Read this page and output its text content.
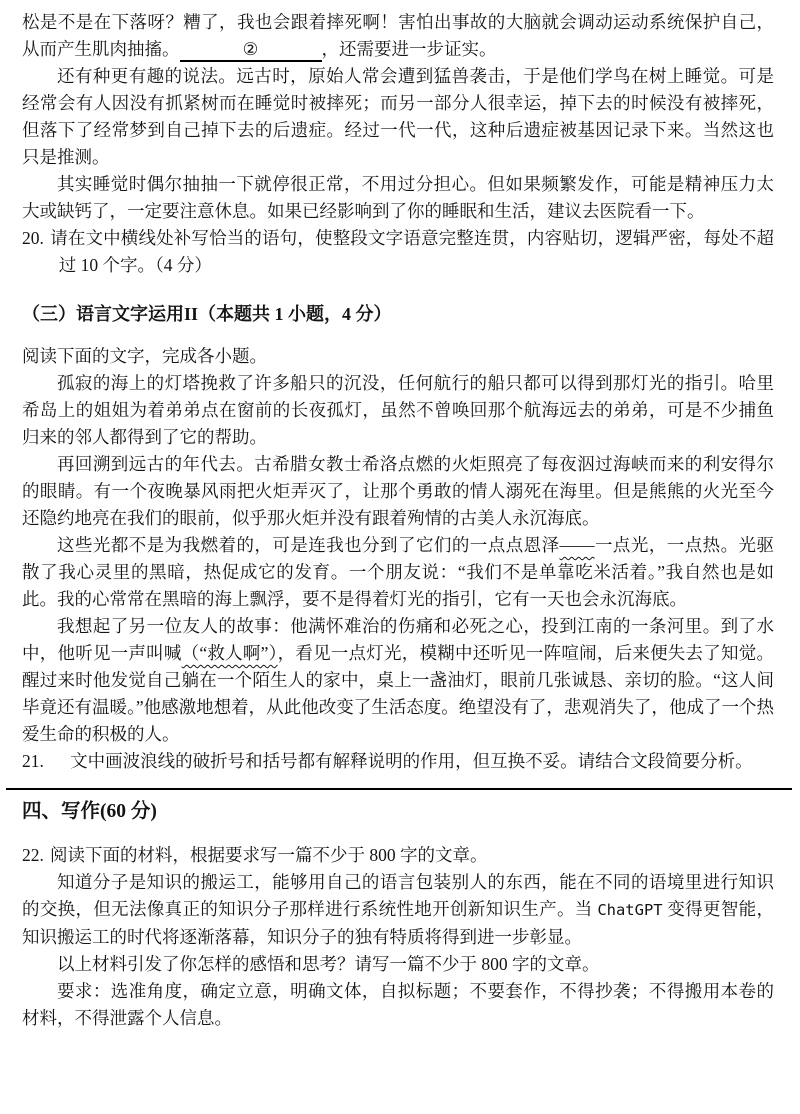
松是不是在下落呀？糟了，我也会跟着摔死啊！害怕出事故的大脑就会调动运动系统保护自己，从而产生肌肉抽搐。	②	，还需要进一步证实。

还有种更有趣的说法。远古时，原始人常会遭到猛兽袭击，于是他们学鸟在树上睡觉。可是经常会有人因没有抓紧树而在睡觉时被摔死；而另一部分人很幸运，掉下去的时候没有被摔死，但落下了经常梦到自己掉下去的后遗症。经过一代一代，这种后遗症被基因记录下来。当然这也只是推测。

其实睡觉时偶尔抽抽一下就停很正常，不用过分担心。但如果频繁发作，可能是精神压力太大或缺钙了，一定要注意休息。如果已经影响到了你的睡眠和生活，建议去医院看一下。

20. 请在文中横线处补写恰当的语句，使整段文字语意完整连贯，内容贴切，逻辑严密，每处不超过 10 个字。（4 分）

（三）语言文字运用II（本题共 1 小题，4 分）

阅读下面的文字，完成各小题。

孤寂的海上的灯塔挽救了许多船只的沉没，任何航行的船只都可以得到那灯光的指引。哈里希岛上的姐姐为着弟弟点在窗前的长夜孤灯，虽然不曾唤回那个航海远去的弟弟，可是不少捕鱼归来的邻人都得到了它的帮助。

再回溯到远古的年代去。古希腊女教士希洛点燃的火炬照亮了每夜泅过海峡而来的利安得尔的眼睛。有一个夜晚暴风雨把火炬弄灭了，让那个勇敢的情人溺死在海里。但是熊熊的火光至今还隐约地亮在我们的眼前，似乎那火炬并没有跟着殉情的古美人永沉海底。

这些光都不是为我燃着的，可是连我也分到了它们的一点点恩泽——一点光，一点热。光驱散了我心灵里的黑暗，热促成它的发育。一个朋友说：“我们不是单靠吃米活着。”我自然也是如此。我的心常常在黑暗的海上飘浮，要不是得着灯光的指引，它有一天也会永沉海底。

我想起了另一位友人的故事：他满怀难治的伤痛和必死之心，投到江南的一条河里。到了水中，他听见一声叫喊（“救人啊”），看见一点灯光，模糊中还听见一阵喧闹，后来便失去了知觉。醒过来时他发觉自己躺在一个陌生人的家中，桌上一盏油灯，眼前几张诚恳、亲切的脸。“这人间毕竟还有温暖。”他感激地想着，从此他改变了生活态度。绝望没有了，悲观消失了，他成了一个热爱生命的积极的人。

21. 文中画波浪线的破折号和括号都有解释说明的作用，但互换不妥。请结合文段简要分析。

四、写作(60 分)

22. 阅读下面的材料，根据要求写一篇不少于 800 字的文章。

知道分子是知识的搬运工，能够用自己的语言包装别人的东西，能在不同的语境里进行知识的交换，但无法像真正的知识分子那样进行系统性地开创新知识生产。当 ChatGPT 变得更智能，知识搬运工的时代将逐渐落幕，知识分子的独有特质将得到进一步彰显。

以上材料引发了你怎样的感悟和思考？请写一篇不少于 800 字的文章。

要求：选准角度，确定立意，明确文体，自拟标题；不要套作，不得抄袭；不得搬用本卷的材料，不得泄露个人信息。
